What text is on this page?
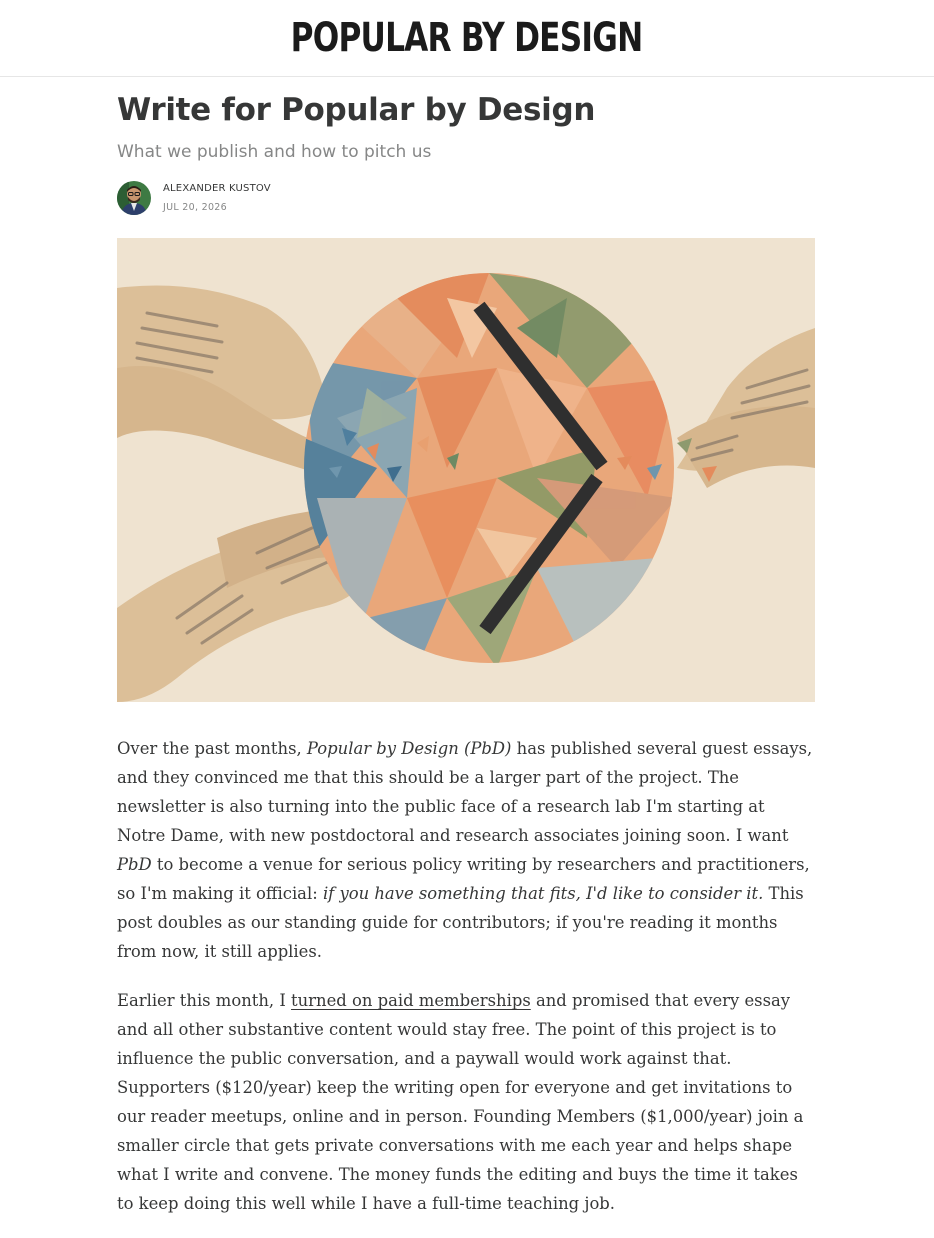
POPULAR BY DESIGN
Write for Popular by Design
What we publish and how to pitch us
ALEXANDER KUSTOV
JUL 20, 2026

Over the past months, Popular by Design (PbD) has published several guest essays, and they convinced me that this should be a larger part of the project. The newsletter is also turning into the public face of a research lab I'm starting at Notre Dame, with new postdoctoral and research associates joining soon. I want PbD to become a venue for serious policy writing by researchers and practitioners, so I'm making it official: if you have something that fits, I'd like to consider it. This post doubles as our standing guide for contributors; if you're reading it months from now, it still applies.

Earlier this month, I turned on paid memberships and promised that every essay and all other substantive content would stay free. The point of this project is to influence the public conversation, and a paywall would work against that. Supporters ($120/year) keep the writing open for everyone and get invitations to our reader meetups, online and in person. Founding Members ($1,000/year) join a smaller circle that gets private conversations with me each year and helps shape what I write and convene. The money funds the editing and buys the time it takes to keep doing this well while I have a full-time teaching job.
